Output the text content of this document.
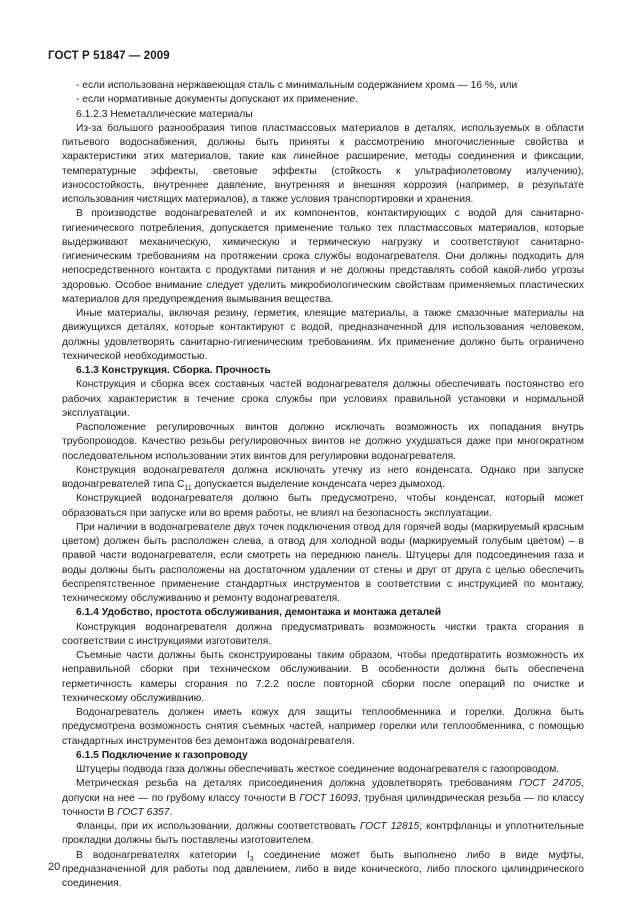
ГОСТ Р 51847 — 2009

- если использована нержавеющая сталь с минимальным содержанием хрома — 16 %, или

- если нормативные документы допускают их применение.

6.1.2.3 Неметаллические материалы

Из-за большого разнообразия типов пластмассовых материалов в деталях, используемых в области питьевого водоснабжения, должны быть приняты к рассмотрению многочисленные свойства и характеристики этих материалов, такие как линейное расширение, методы соединения и фиксации, температурные эффекты, световые эффекты (стойкость к ультрафиолетовому излучению), износостойкость, внутреннее давление, внутренняя и внешняя коррозия (например, в результате использования чистящих материалов), а также условия транспортировки и хранения.

В производстве водонагревателей и их компонентов, контактирующих с водой для санитарно-гигиенического потребления, допускается применение только тех пластмассовых материалов, которые выдерживают механическую, химическую и термическую нагрузку и соответствуют санитарно-гигиеническим требованиям на протяжении срока службы водонагревателя. Они должны подходить для непосредственного контакта с продуктами питания и не должны представлять собой какой-либо угрозы здоровью. Особое внимание следует уделить микробиологическим свойствам применяемых пластических материалов для предупреждения вымывания вещества.

Иные материалы, включая резину, герметик, клеящие материалы, а также смазочные материалы на движущихся деталях, которые контактируют с водой, предназначенной для использования человеком, должны удовлетворять санитарно-гигиеническим требованиям. Их применение должно быть ограничено технической необходимостью.

6.1.3 Конструкция. Сборка. Прочность

Конструкция и сборка всех составных частей водонагревателя должны обеспечивать постоянство его рабочих характеристик в течение срока службы при условиях правильной установки и нормальной эксплуатации.

Расположение регулировочных винтов должно исключать возможность их попадания внутрь трубопроводов. Качество резьбы регулировочных винтов не должно ухудшаться даже при многократном последовательном использовании этих винтов для регулировки водонагревателя.

Конструкция водонагревателя должна исключать утечку из него конденсата. Однако при запуске водонагревателей типа $С_{11}$ допускается выделение конденсата через дымоход.

Конструкцией водонагревателя должно быть предусмотрено, чтобы конденсат, который может образоваться при запуске или во время работы, не влиял на безопасность эксплуатации.

При наличии в водонагревателе двух точек подключения отвод для горячей воды (маркируемый красным цветом) должен быть расположен слева, а отвод для холодной воды (маркируемый голубым цветом) – в правой части водонагревателя, если смотреть на переднюю панель. Штуцеры для подсоединения газа и воды должны быть расположены на достаточном удалении от стены и друг от друга с целью обеспечить беспрепятственное применение стандартных инструментов в соответствии с инструкцией по монтажу, техническому обслуживанию и ремонту водонагревателя.

6.1.4 Удобство, простота обслуживания, демонтажа и монтажа деталей

Конструкция водонагревателя должна предусматривать возможность чистки тракта сгорания в соответствии с инструкциями изготовителя.

Съемные части должны быть сконструированы таким образом, чтобы предотвратить возможность их неправильной сборки при техническом обслуживании. В особенности должна быть обеспечена герметичность камеры сгорания по 7.2.2 после повторной сборки после операций по очистке и техническому обслуживанию.

Водонагреватель должен иметь кожух для защиты теплообменника и горелки. Должна быть предусмотрена возможность снятия съемных частей, например горелки или теплообменника, с помощью стандартных инструментов без демонтажа водонагревателя.

6.1.5 Подключение к газопроводу

Штуцеры подвода газа должны обеспечивать жесткое соединение водонагревателя с газопроводом.

Метрическая резьба на деталях присоединения должна удовлетворять требованиям ГОСТ 24705, допуски на нее — по грубому классу точности В ГОСТ 16093, трубная цилиндрическая резьба — по классу точности В ГОСТ 6357.

Фланцы, при их использовании, должны соответствовать ГОСТ 12815; контрфланцы и уплотнительные прокладки должны быть поставлены изготовителем.

В водонагревателях категории $I_3$ соединение может быть выполнено либо в виде муфты, предназначенной для работы под давлением, либо в виде конического, либо плоского цилиндрического соединения.

20
